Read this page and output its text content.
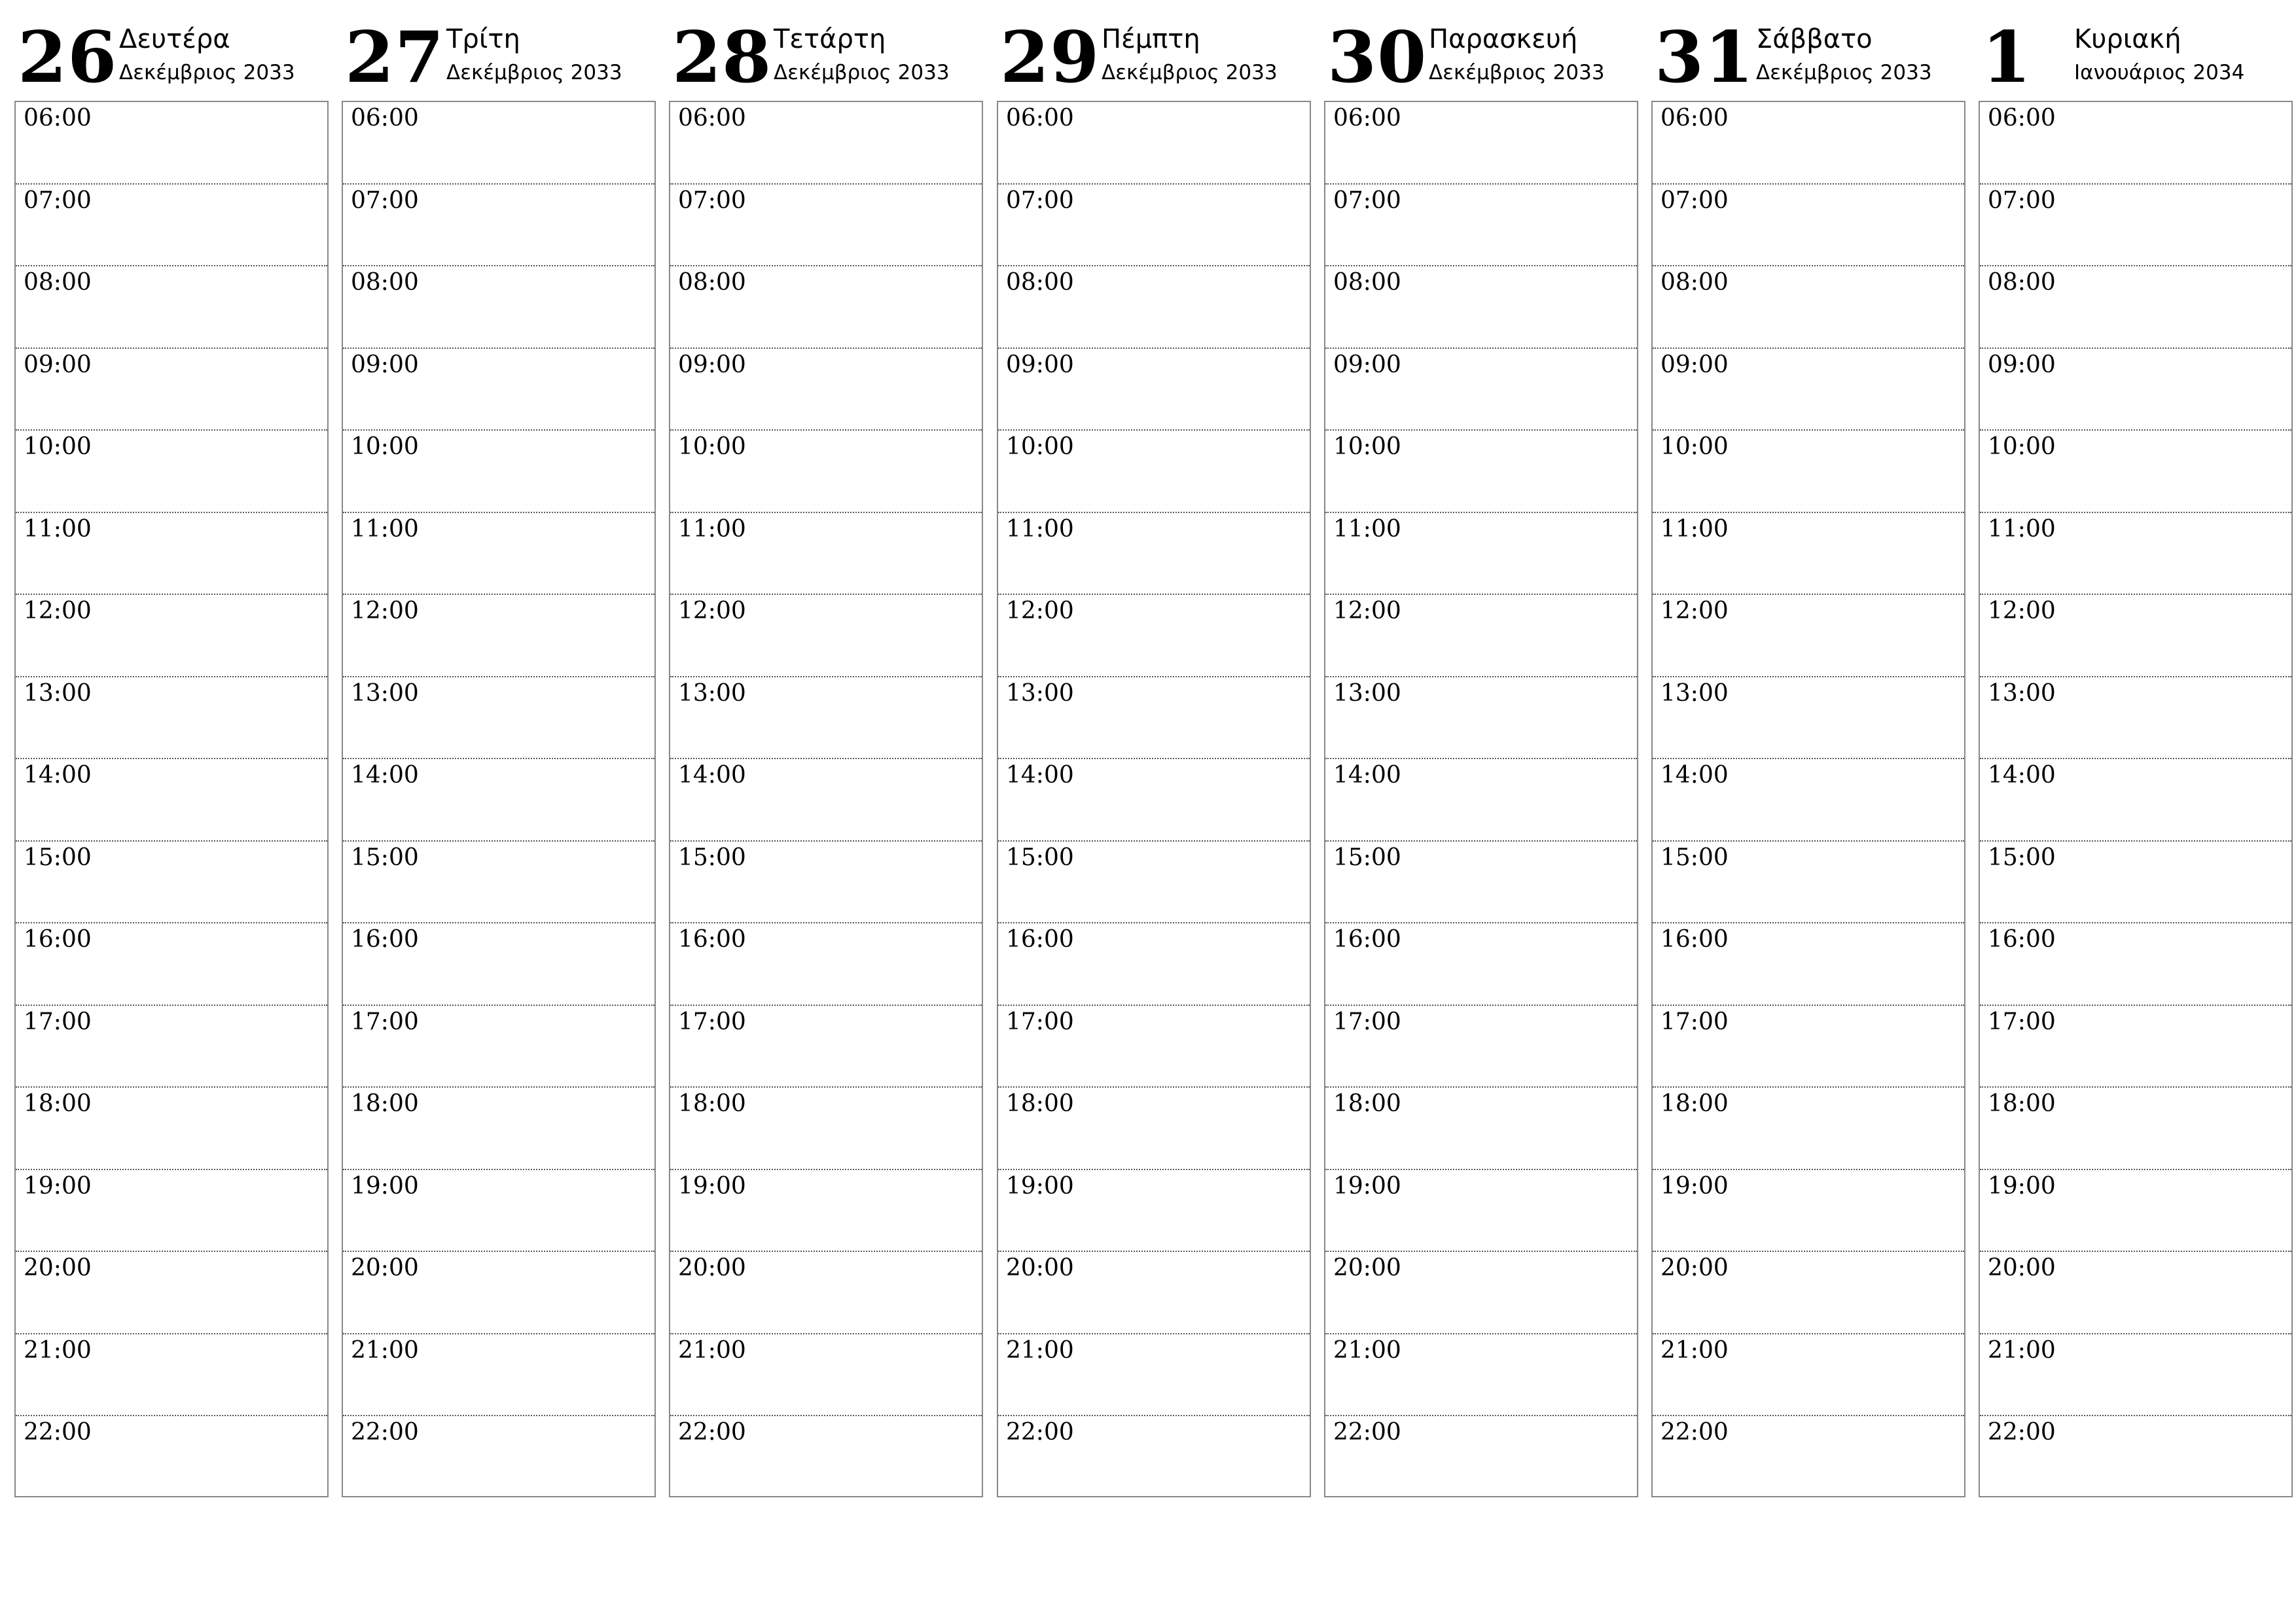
26 Δευτέρα
Δεκέμβριος 2033
06:00
07:00
08:00
09:00
10:00
11:00
12:00
13:00
14:00
15:00
16:00
17:00
18:00
19:00
20:00
21:00
22:00
27 Τρίτη
Δεκέμβριος 2033
06:00
07:00
08:00
09:00
10:00
11:00
12:00
13:00
14:00
15:00
16:00
17:00
18:00
19:00
20:00
21:00
22:00
28 Τετάρτη
Δεκέμβριος 2033
06:00
07:00
08:00
09:00
10:00
11:00
12:00
13:00
14:00
15:00
16:00
17:00
18:00
19:00
20:00
21:00
22:00
29 Πέμπτη
Δεκέμβριος 2033
06:00
07:00
08:00
09:00
10:00
11:00
12:00
13:00
14:00
15:00
16:00
17:00
18:00
19:00
20:00
21:00
22:00
30 Παρασκευή
Δεκέμβριος 2033
06:00
07:00
08:00
09:00
10:00
11:00
12:00
13:00
14:00
15:00
16:00
17:00
18:00
19:00
20:00
21:00
22:00
31 Σάββατο
Δεκέμβριος 2033
06:00
07:00
08:00
09:00
10:00
11:00
12:00
13:00
14:00
15:00
16:00
17:00
18:00
19:00
20:00
21:00
22:00
1 Κυριακή
Ιανουάριος 2034
06:00
07:00
08:00
09:00
10:00
11:00
12:00
13:00
14:00
15:00
16:00
17:00
18:00
19:00
20:00
21:00
22:00
